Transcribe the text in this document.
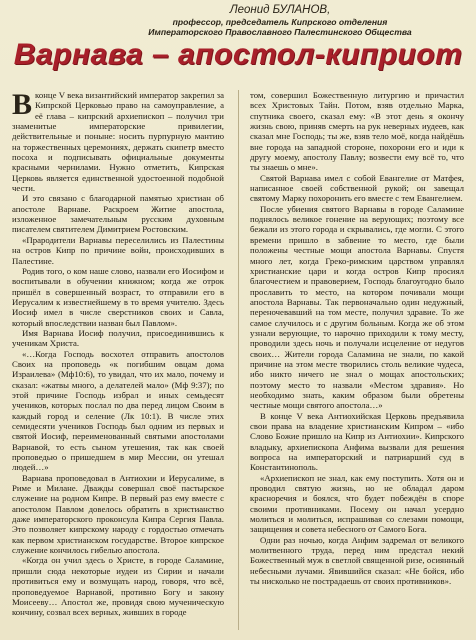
Леонид БУЛАНОВ,
профессор, председатель Кипрского отделения
Императорского Православного Палестинского Общества
Варнава – апостол-киприот

Вконце V века византийский император закрепил за Кипрской Церковью право на самоуправление, а её глава – кипрский архиепископ – получил три знаменитые императорские привилегии, действительные и поныне: носить пурпурную мантию на торжественных церемониях, держать скипетр вместо посоха и подписывать официальные документы красными чернилами. Нужно отметить, Кипрская Церковь является единственной удостоенной подобной чести.

И это связано с благодарной памятью христиан об апостоле Варнаве. Раскроем Житие апостола, изложенное замечательным русским духовным писателем святителем Димитрием Ростовским.

«Прародители Варнавы переселились из Палестины на остров Кипр по причине войн, происходивших в Палестине.

Родив того, о ком наше слово, назвали его Иосифом и воспитывали в обучении книжном; когда же отрок пришёл в совершенный возраст, то отправили его в Иерусалим к известнейшему в то время учителю. Здесь Иосиф имел в числе сверстников своих и Савла, который впоследствии назван был Павлом».

Имя Варнава Иосиф получил, присоединившись к ученикам Христа.

«…Когда Господь восхотел отправить апостолов Своих на проповедь «к погибшим овцам дома Израилева» (Мф10:6), то увидал, что их мало, почему и сказал: «жатвы много, а делателей мало» (Мф 9:37); по этой причине Господь избрал и иных семьдесят учеников, которых послал по два перед лицом Своим в каждый город и селение (Лк 10:1). В числе этих семидесяти учеников Господь был одним из первых и святой Иосиф, переименованный святыми апостолами Варнавой, то есть сыном утешения, так как своей проповедью о пришедшем в мир Мессии, он утешал людей…»

Варнава проповедовал в Антиохии и Иерусалиме, в Риме и Милане. Дважды совершал своё пастырское служение на родном Кипре. В первый раз ему вместе с апостолом Павлом довелось обратить в христианство даже императорского проконсула Кипра Сергия Павла. Это позволяет кипрскому народу с гордостью отмечать как первом христианском государстве. Второе кипрское служение кончилось гибелью апостола.

«Когда он учил здесь о Христе, в городе Саламине, пришли сюда некоторые иудеи из Сирии и начали противиться ему и возмущать народ, говоря, что всё, проповедуемое Варнавой, противно Богу и закону Моисееву… Апостол же, провидя свою мученическую кончину, созвал всех верных, живших в городе

том, совершил Божественную литургию и причастил всех Христовых Тайн. Потом, взяв отдельно Марка, спутника своего, сказал ему: «В этот день я окончу жизнь свою, приняв смерть на рук неверных иудеев, как сказал мне Господь; ты же, взяв тело моё, когда найдёшь вне города на западной стороне, похорони его и иди к другу моему, апостолу Павлу; возвести ему всё то, что ты знаешь о мне».

Святой Варнава имел с собой Евангелие от Матфея, написанное своей собственной рукой; он завещал святому Марку похоронить его вместе с тем Евангелием.

После убиения святого Варнавы в городе Саламине поднялось великое гонение на верующих; поэтому все бежали из этого города и скрывались, где могли. С этого времени пришло в забвение то место, где были положены честные мощи апостола Варнавы. Спустя много лет, когда Греко-римским царством управлял христианские цари и когда остров Кипр просиял благочестием и правоверием, Господь благоугодно было прославить то место, на котором почивали мощи апостола Варнавы. Так первоначально один недужный, переночевавший на том месте, получил здравие. То же самое случилось и с другим больным. Когда же об этом узнали верующие, то нарочно приходили к тому месту, проводили здесь ночь и получали исцеление от недугов своих… Жители города Саламина не знали, по какой причине на этом месте творились столь великие чудеса, ибо никто ничего не знал о мощах апостольских; поэтому место то назвали «Местом здравия». Но необходимо знать, каким образом были обретены честные мощи святого апостола…»

В конце V века Антиохийская Церковь предъявила свои права на владение христианским Кипром – «ибо Слово Божие пришло на Кипр из Антиохии». Кипрского владыку, архиепископа Анфима вызвали для решения вопроса на императорский и патриарший суд в Константинополь.

«Архиепископ не знал, как ему поступить. Хотя он и проводил святую жизнь, но не обладал даром красноречия и боялся, что будет побеждён в споре своими противниками. Посему он начал усердно молиться и молиться, испрашивая со слезами помощи, защищения и совета небесного от Самого Бога.

Одни раз ночью, когда Анфим задремал от великого молитвенного труда, перед ним предстал некий Божественный муж в светлой священной ризе, осиянный небесными лучами. Явившийся сказал: «Не бойся, ибо ты нисколько не пострадаешь от своих противников».
